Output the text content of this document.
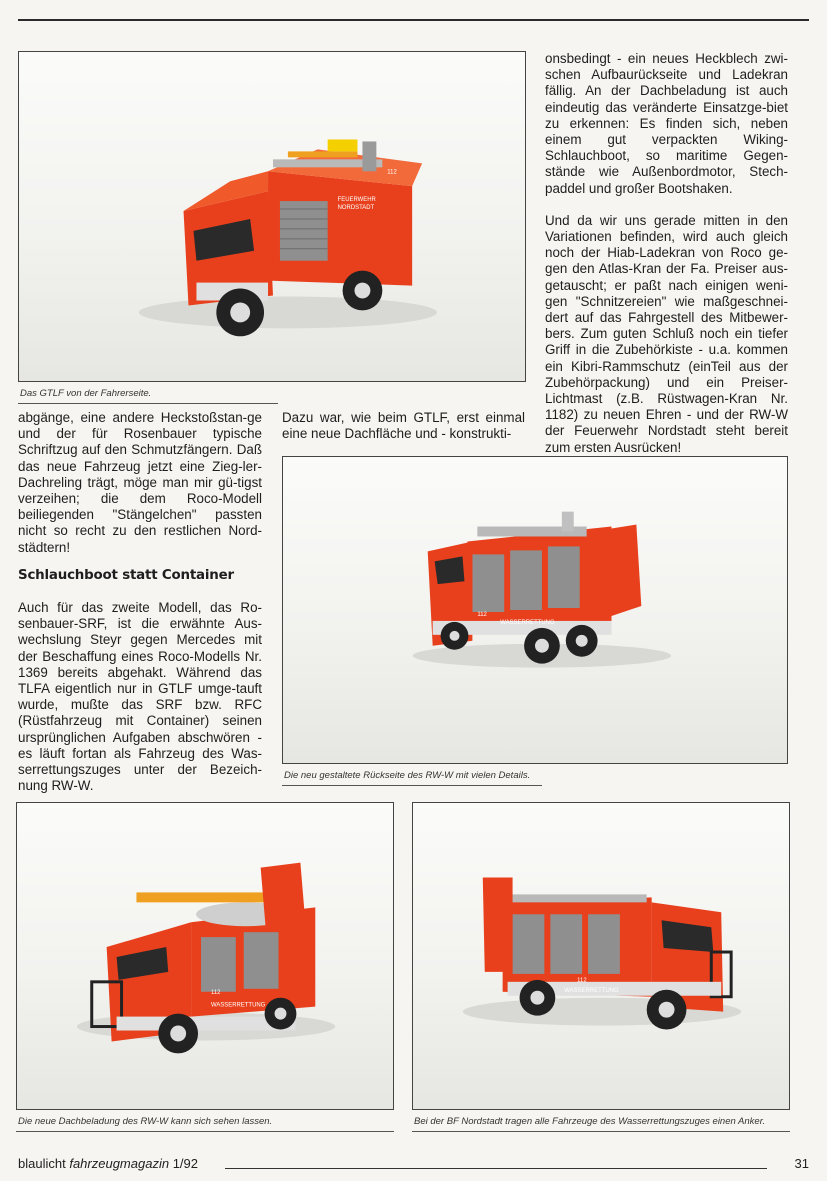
FEUERWEHR
NORDSTADT
112
Das GTLF von der Fahrerseite.

onsbedingt - ein neues Heckblech zwi-schen Aufbaurückseite und Ladekran fällig. An der Dachbeladung ist auch eindeutig das veränderte Einsatzge-biet zu erkennen: Es finden sich, neben einem gut verpackten Wiking-Schlauchboot, so maritime Gegen-stände wie Außenbordmotor, Stech-paddel und großer Bootshaken.

Und da wir uns gerade mitten in den Variationen befinden, wird auch gleich noch der Hiab-Ladekran von Roco ge-gen den Atlas-Kran der Fa. Preiser aus-getauscht; er paßt nach einigen weni-gen "Schnitzereien" wie maßgeschnei-dert auf das Fahrgestell des Mitbewer-bers. Zum guten Schluß noch ein tiefer Griff in die Zubehörkiste - u.a. kommen ein Kibri-Rammschutz (einTeil aus der Zubehörpackung) und ein Preiser-Lichtmast (z.B. Rüstwagen-Kran Nr. 1182) zu neuen Ehren - und der RW-W der Feuerwehr Nordstadt steht bereit zum ersten Ausrücken!

abgänge, eine andere Heckstoßstan-ge und der für Rosenbauer typische Schriftzug auf den Schmutzfängern. Daß das neue Fahrzeug jetzt eine Zieg-ler-Dachreling trägt, möge man mir gü-tigst verzeihen; die dem Roco-Modell beiliegenden "Stängelchen" passten nicht so recht zu den restlichen Nord-städtern!

Schlauchboot statt Container

Auch für das zweite Modell, das Ro-senbauer-SRF, ist die erwähnte Aus-wechslung Steyr gegen Mercedes mit der Beschaffung eines Roco-Modells Nr. 1369 bereits abgehakt. Während das TLFA eigentlich nur in GTLF umge-tauft wurde, mußte das SRF bzw. RFC (Rüstfahrzeug mit Container) seinen ursprünglichen Aufgaben abschwören - es läuft fortan als Fahrzeug des Was-serrettungszuges unter der Bezeich-nung RW-W.

Dazu war, wie beim GTLF, erst einmal eine neue Dachfläche und - konstrukti-

WASSERRETTUNG
112
Die neu gestaltete Rückseite des RW-W mit vielen Details.
WASSERRETTUNG
112
Die neue Dachbeladung des RW-W kann sich sehen lassen.
WASSERRETTUNG
112
Bei der BF Nordstadt tragen alle Fahrzeuge des Wasserrettungszuges einen Anker.
blaulicht fahrzeugmagazin 1/92	31
